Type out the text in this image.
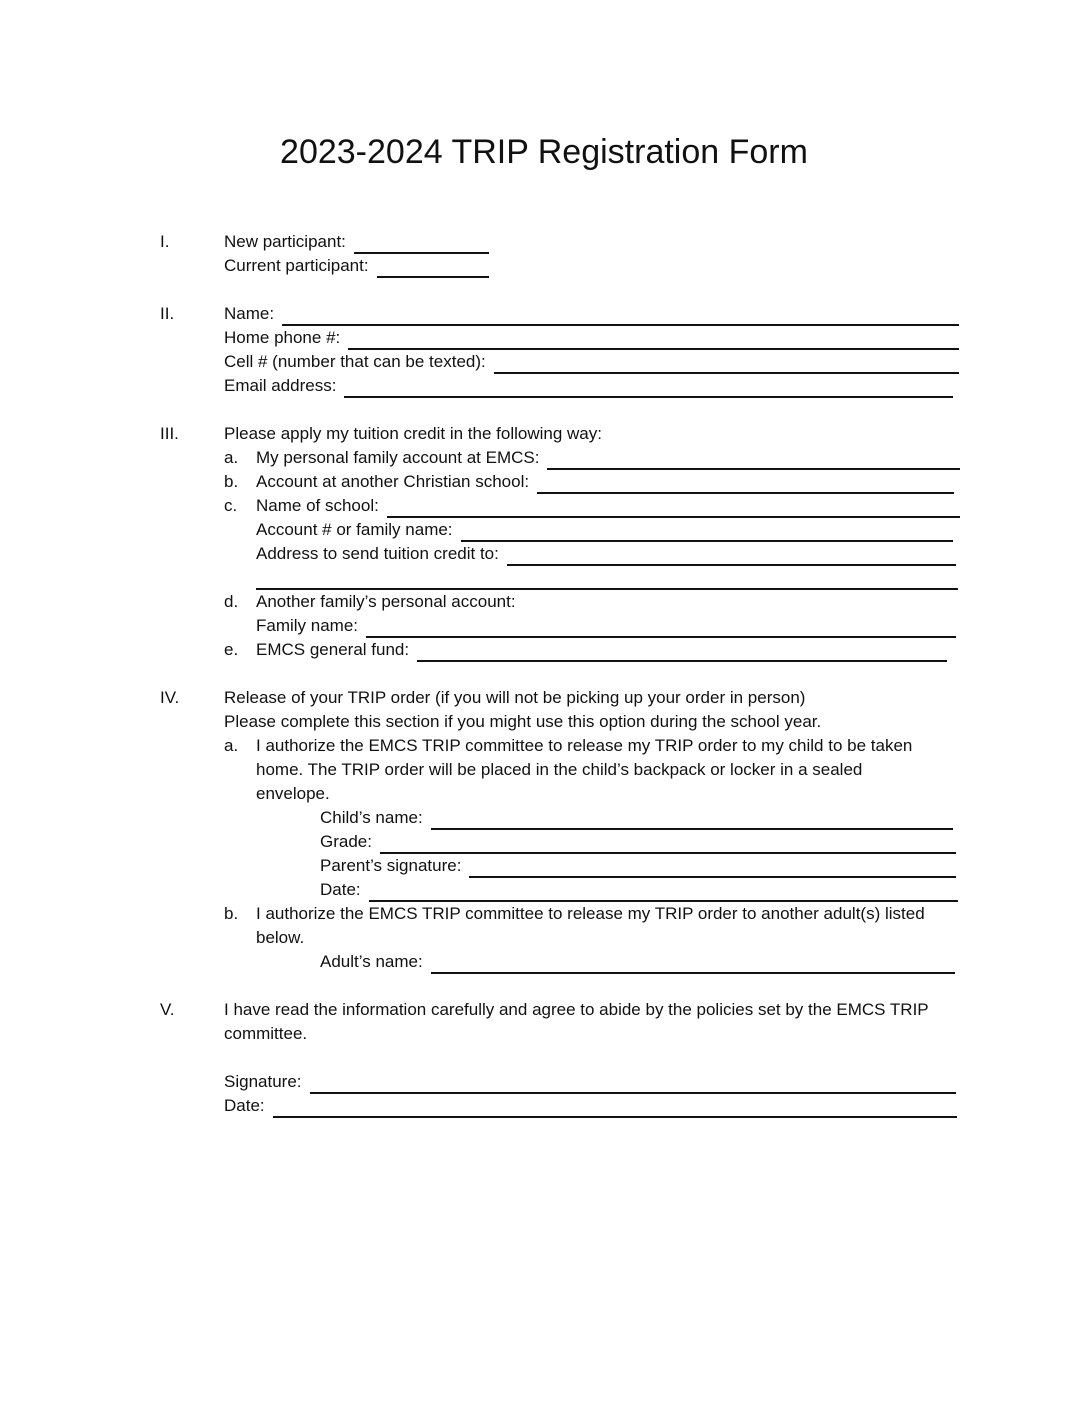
2023-2024 TRIP Registration Form
I.	New participant:
Current participant:
II.	Name:
Home phone #:
Cell # (number that can be texted):
Email address:
III.	Please apply my tuition credit in the following way:
a. My personal family account at EMCS:
b. Account at another Christian school:
c. Name of school:
Account # or family name:
Address to send tuition credit to:
d. Another family’s personal account:
Family name:
e. EMCS general fund:
IV.	Release of your TRIP order (if you will not be picking up your order in person)
Please complete this section if you might use this option during the school year.
a. I authorize the EMCS TRIP committee to release my TRIP order to my child to be taken
home. The TRIP order will be placed in the child’s backpack or locker in a sealed
envelope.
Child’s name:
Grade:
Parent’s signature:
Date:
b. I authorize the EMCS TRIP committee to release my TRIP order to another adult(s) listed
below.
Adult’s name:
V.	I have read the information carefully and agree to abide by the policies set by the EMCS TRIP
committee.
Signature:
Date:
